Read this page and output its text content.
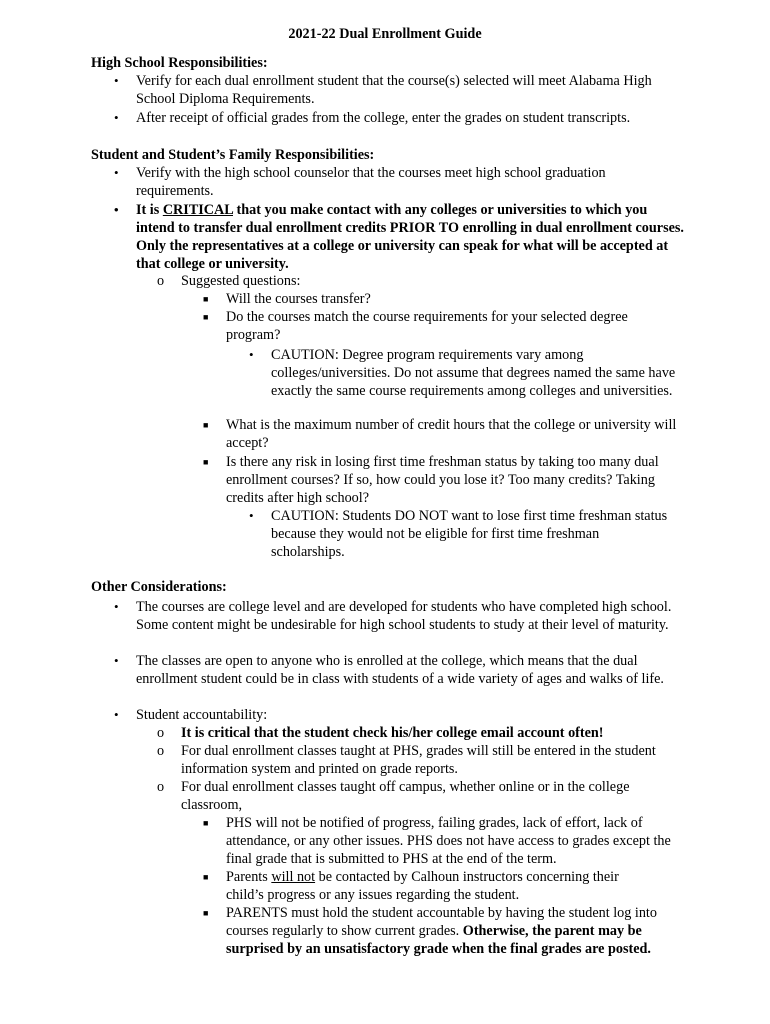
2021-22 Dual Enrollment Guide
High School Responsibilities:
• Verify for each dual enrollment student that the course(s) selected will meet Alabama High School Diploma Requirements.
• After receipt of official grades from the college, enter the grades on student transcripts.
Student and Student’s Family Responsibilities:
• Verify with the high school counselor that the courses meet high school graduation requirements.
• It is CRITICAL that you make contact with any colleges or universities to which you intend to transfer dual enrollment credits PRIOR TO enrolling in dual enrollment courses. Only the representatives at a college or university can speak for what will be accepted at that college or university.
o Suggested questions:
■ Will the courses transfer?
■ Do the courses match the course requirements for your selected degree program?
• CAUTION: Degree program requirements vary among colleges/universities. Do not assume that degrees named the same have exactly the same course requirements among colleges and universities.
■ What is the maximum number of credit hours that the college or university will accept?
■ Is there any risk in losing first time freshman status by taking too many dual enrollment courses? If so, how could you lose it? Too many credits? Taking credits after high school?
• CAUTION: Students DO NOT want to lose first time freshman status because they would not be eligible for first time freshman scholarships.
Other Considerations:
• The courses are college level and are developed for students who have completed high school. Some content might be undesirable for high school students to study at their level of maturity.
• The classes are open to anyone who is enrolled at the college, which means that the dual enrollment student could be in class with students of a wide variety of ages and walks of life.
• Student accountability:
o It is critical that the student check his/her college email account often!
o For dual enrollment classes taught at PHS, grades will still be entered in the student information system and printed on grade reports.
o For dual enrollment classes taught off campus, whether online or in the college classroom,
■ PHS will not be notified of progress, failing grades, lack of effort, lack of attendance, or any other issues. PHS does not have access to grades except the final grade that is submitted to PHS at the end of the term.
■ Parents will not be contacted by Calhoun instructors concerning their child’s progress or any issues regarding the student.
■ PARENTS must hold the student accountable by having the student log into courses regularly to show current grades. Otherwise, the parent may be surprised by an unsatisfactory grade when the final grades are posted.
